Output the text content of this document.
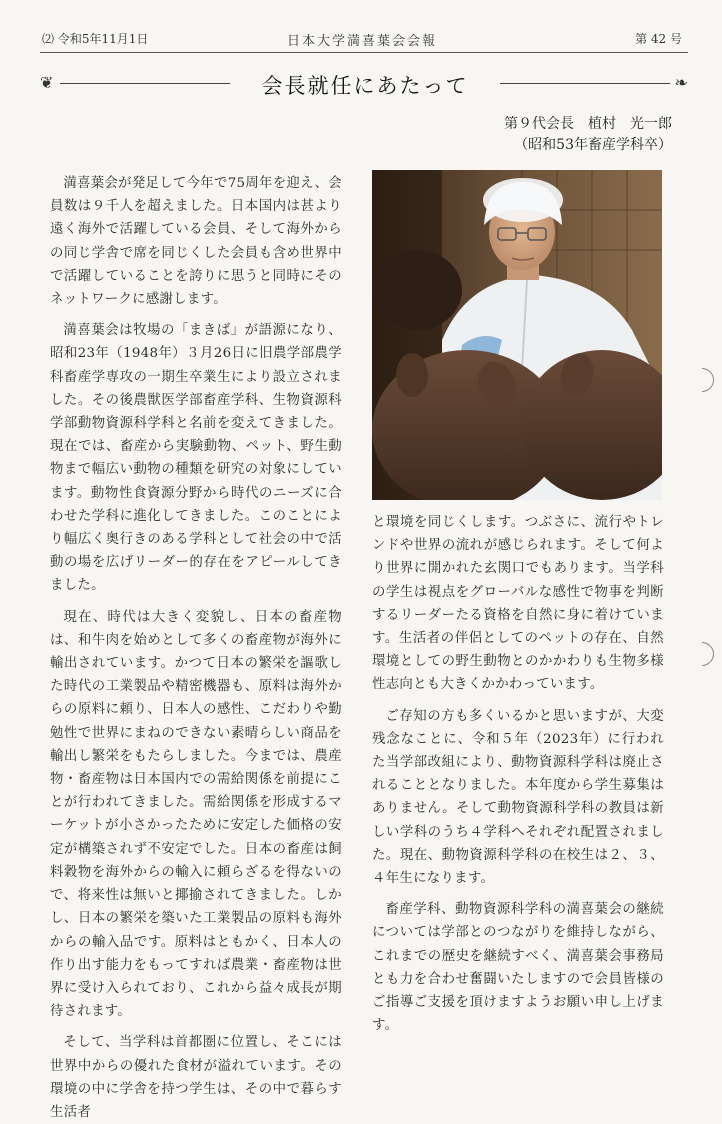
⑵ 令和5年11月1日	日本大学満喜葉会会報	第 42 号
❦	会長就任にあたって	❧
第９代会長　植村　光一郎

（昭和53年畜産学科卒）

満喜葉会が発足して今年で75周年を迎え、会員数は９千人を超えました。日本国内は甚より遠く海外で活躍している会員、そして海外からの同じ学舎で席を同じくした会員も含め世界中で活躍していることを誇りに思うと同時にそのネットワークに感謝します。

満喜葉会は牧場の「まきば」が語源になり、昭和23年（1948年）３月26日に旧農学部農学科畜産学専攻の一期生卒業生により設立されました。その後農獣医学部畜産学科、生物資源科学部動物資源科学科と名前を変えてきました。現在では、畜産から実験動物、ペット、野生動物まで幅広い動物の種類を研究の対象にしています。動物性食資源分野から時代のニーズに合わせた学科に進化してきました。このことにより幅広く奥行きのある学科として社会の中で活動の場を広げリーダー的存在をアピールしてきました。

現在、時代は大きく変貌し、日本の畜産物は、和牛肉を始めとして多くの畜産物が海外に輸出されています。かつて日本の繁栄を謳歌した時代の工業製品や精密機器も、原料は海外からの原料に頼り、日本人の感性、こだわりや勤勉性で世界にまねのできない素晴らしい商品を輸出し繁栄をもたらしました。今までは、農産物・畜産物は日本国内での需給関係を前提にことが行われてきました。需給関係を形成するマーケットが小さかったために安定した価格の安定が構築されず不安定でした。日本の畜産は飼料穀物を海外からの輸入に頼らざるを得ないので、将来性は無いと揶揄されてきました。しかし、日本の繁栄を築いた工業製品の原料も海外からの輸入品です。原料はともかく、日本人の作り出す能力をもってすれば農業・畜産物は世界に受け入られており、これから益々成長が期待されます。

そして、当学科は首都圏に位置し、そこには世界中からの優れた食材が溢れています。その環境の中に学舎を持つ学生は、その中で暮らす生活者

と環境を同じくします。つぶさに、流行やトレンドや世界の流れが感じられます。そして何より世界に開かれた玄関口でもあります。当学科の学生は視点をグローバルな感性で物事を判断するリーダーたる資格を自然に身に着けています。生活者の伴侶としてのペットの存在、自然環境としての野生動物とのかかわりも生物多様性志向とも大きくかかわっています。

ご存知の方も多くいるかと思いますが、大変残念なことに、令和５年（2023年）に行われた当学部改組により、動物資源科学科は廃止されることとなりました。本年度から学生募集はありません。そして動物資源科学科の教員は新しい学科のうち４学科へそれぞれ配置されました。現在、動物資源科学科の在校生は２、３、４年生になります。

畜産学科、動物資源科学科の満喜葉会の継続については学部とのつながりを維持しながら、これまでの歴史を継続すべく、満喜葉会事務局とも力を合わせ奮闘いたしますので会員皆様のご指導ご支援を頂けますようお願い申し上げます。
